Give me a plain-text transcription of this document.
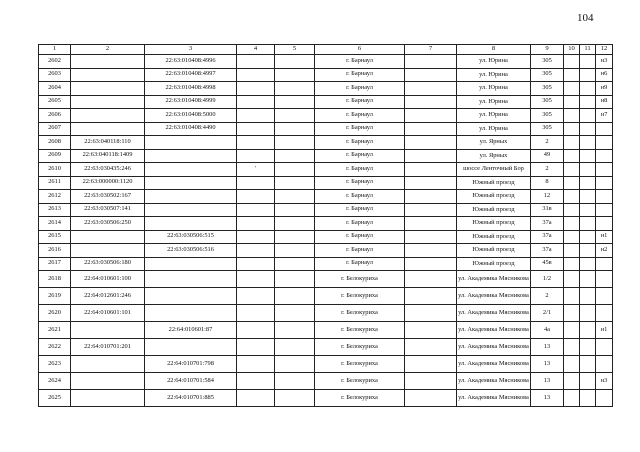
104
1	2	3	4	5	6	7	8	9	10	11	12
2602		22:63:010408:4996			г. Барнаул		ул. Юрина	305			н3
2603		22:63:010408:4997			г. Барнаул		ул. Юрина	305			н6
2604		22:63:010408:4998			г. Барнаул		ул. Юрина	305			н9
2605		22:63:010408:4999			г. Барнаул		ул. Юрина	305			н8
2606		22:63:010408:5000			г. Барнаул		ул. Юрина	305			н7
2607		22:63:010408:4490			г. Барнаул		ул. Юрина	305			
2608	22:63:040118:110				г. Барнаул		ул. Ярных	2			
2609	22:63:040118:1409				г. Барнаул		ул. Ярных	49			
2610	22:63:030435:246		'		г. Барнаул		шоссе Ленточный Бор	2			
2611	22:63:000000:1120				г. Барнаул		Южный проезд	8			
2612	22:63:030502:167				г. Барнаул		Южный проезд	12			
2613	22:63:030507:141				г. Барнаул		Южный проезд	31в			
2614	22:63:030506:250				г. Барнаул		Южный проезд	37а			
2615		22:63:030506:515			г. Барнаул		Южный проезд	37а			н1
2616		22:63:030506:516			г. Барнаул		Южный проезд	37а			н2
2617	22:63:030506:180				г. Барнаул		Южный проезд	45в			
2618	22:64:010601:100				г. Белокуриха		ул. Академика Мясникова	1/2			
2619	22:64:012601:246				г. Белокуриха		ул. Академика Мясникова	2			
2620	22:64:010601:101				г. Белокуриха		ул. Академика Мясникова	2/1			
2621		22:64:010601:87			г. Белокуриха		ул. Академика Мясникова	4а			н1
2622	22:64:010701:201				г. Белокуриха		ул. Академика Мясникова	13			
2623		22:64:010701:798			г. Белокуриха		ул. Академика Мясникова	13			
2624		22:64:010701:584			г. Белокуриха		ул. Академика Мясникова	13			н3
2625		22:64:010701:885			г. Белокуриха		ул. Академика Мясникова	13			
